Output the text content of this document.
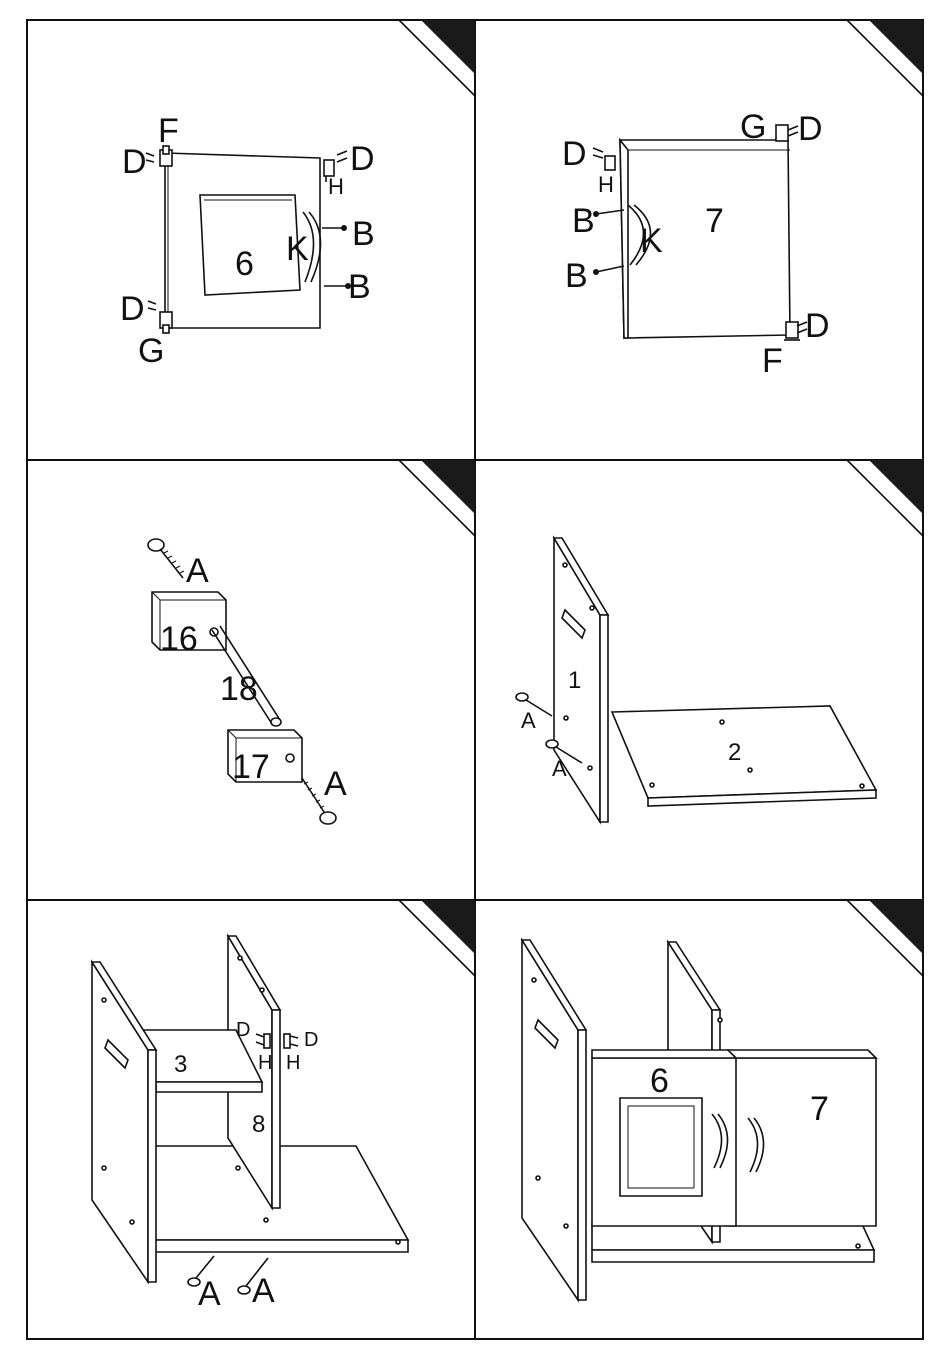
6
D
F
D
H
B
K
B
D
G
7
G D
D
H
B
K
B
D
F
16
18
17
A
A
1
2
A
A
3
8
D
H
D
H
A A
6
7
